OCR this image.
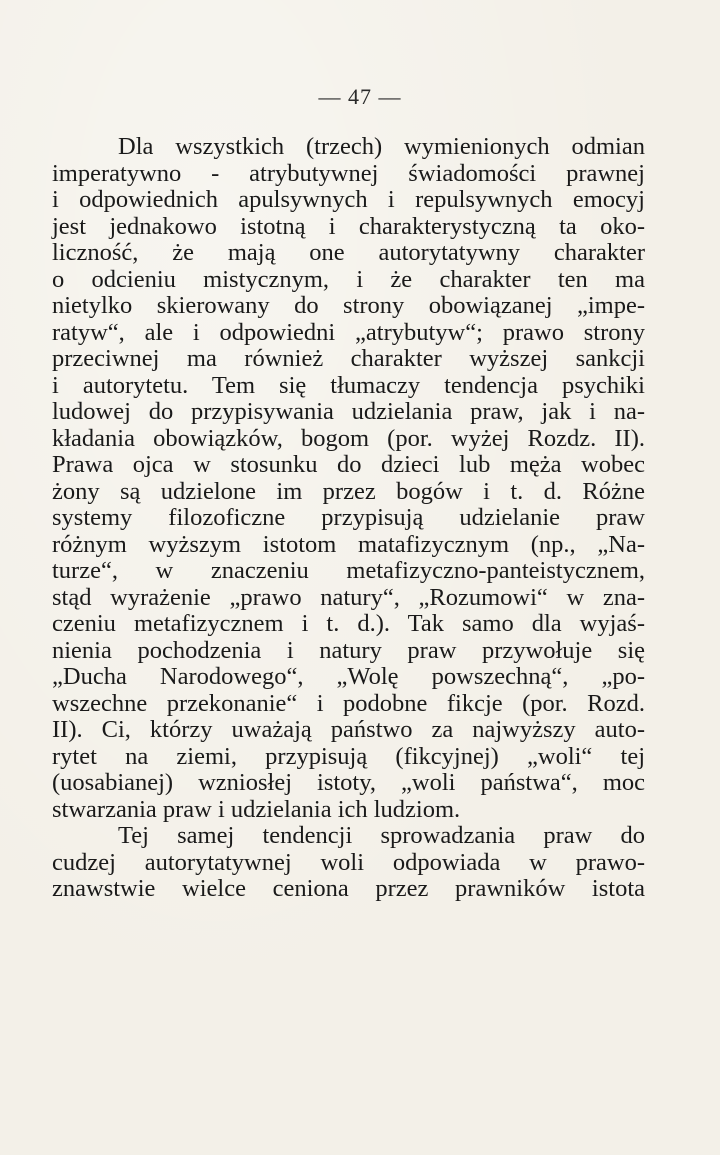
— 47 —
Dla wszystkich (trzech) wymienionych odmian
imperatywno - atrybutywnej świadomości prawnej
i odpowiednich apulsywnych i repulsywnych emocyj
jest jednakowo istotną i charakterystyczną ta oko-
liczność, że mają one autorytatywny charakter
o odcieniu mistycznym, i że charakter ten ma
nietylko skierowany do strony obowiązanej „impe-
ratyw“, ale i odpowiedni „atrybutyw“; prawo strony
przeciwnej ma również charakter wyższej sankcji
i autorytetu. Tem się tłumaczy tendencja psychiki
ludowej do przypisywania udzielania praw, jak i na-
kładania obowiązków, bogom (por. wyżej Rozdz. II).
Prawa ojca w stosunku do dzieci lub męża wobec
żony są udzielone im przez bogów i t. d. Różne
systemy filozoficzne przypisują udzielanie praw
różnym wyższym istotom matafizycznym (np., „Na-
turze“, w znaczeniu metafizyczno-panteistycznem,
stąd wyrażenie „prawo natury“, „Rozumowi“ w zna-
czeniu metafizycznem i t. d.). Tak samo dla wyjaś-
nienia pochodzenia i natury praw przywołuje się
„Ducha Narodowego“, „Wolę powszechną“, „po-
wszechne przekonanie“ i podobne fikcje (por. Rozd.
II). Ci, którzy uważają państwo za najwyższy auto-
rytet na ziemi, przypisują (fikcyjnej) „woli“ tej
(uosabianej) wzniosłej istoty, „woli państwa“, moc
stwarzania praw i udzielania ich ludziom.
Tej samej tendencji sprowadzania praw do
cudzej autorytatywnej woli odpowiada w prawo-
znawstwie wielce ceniona przez prawników istota
